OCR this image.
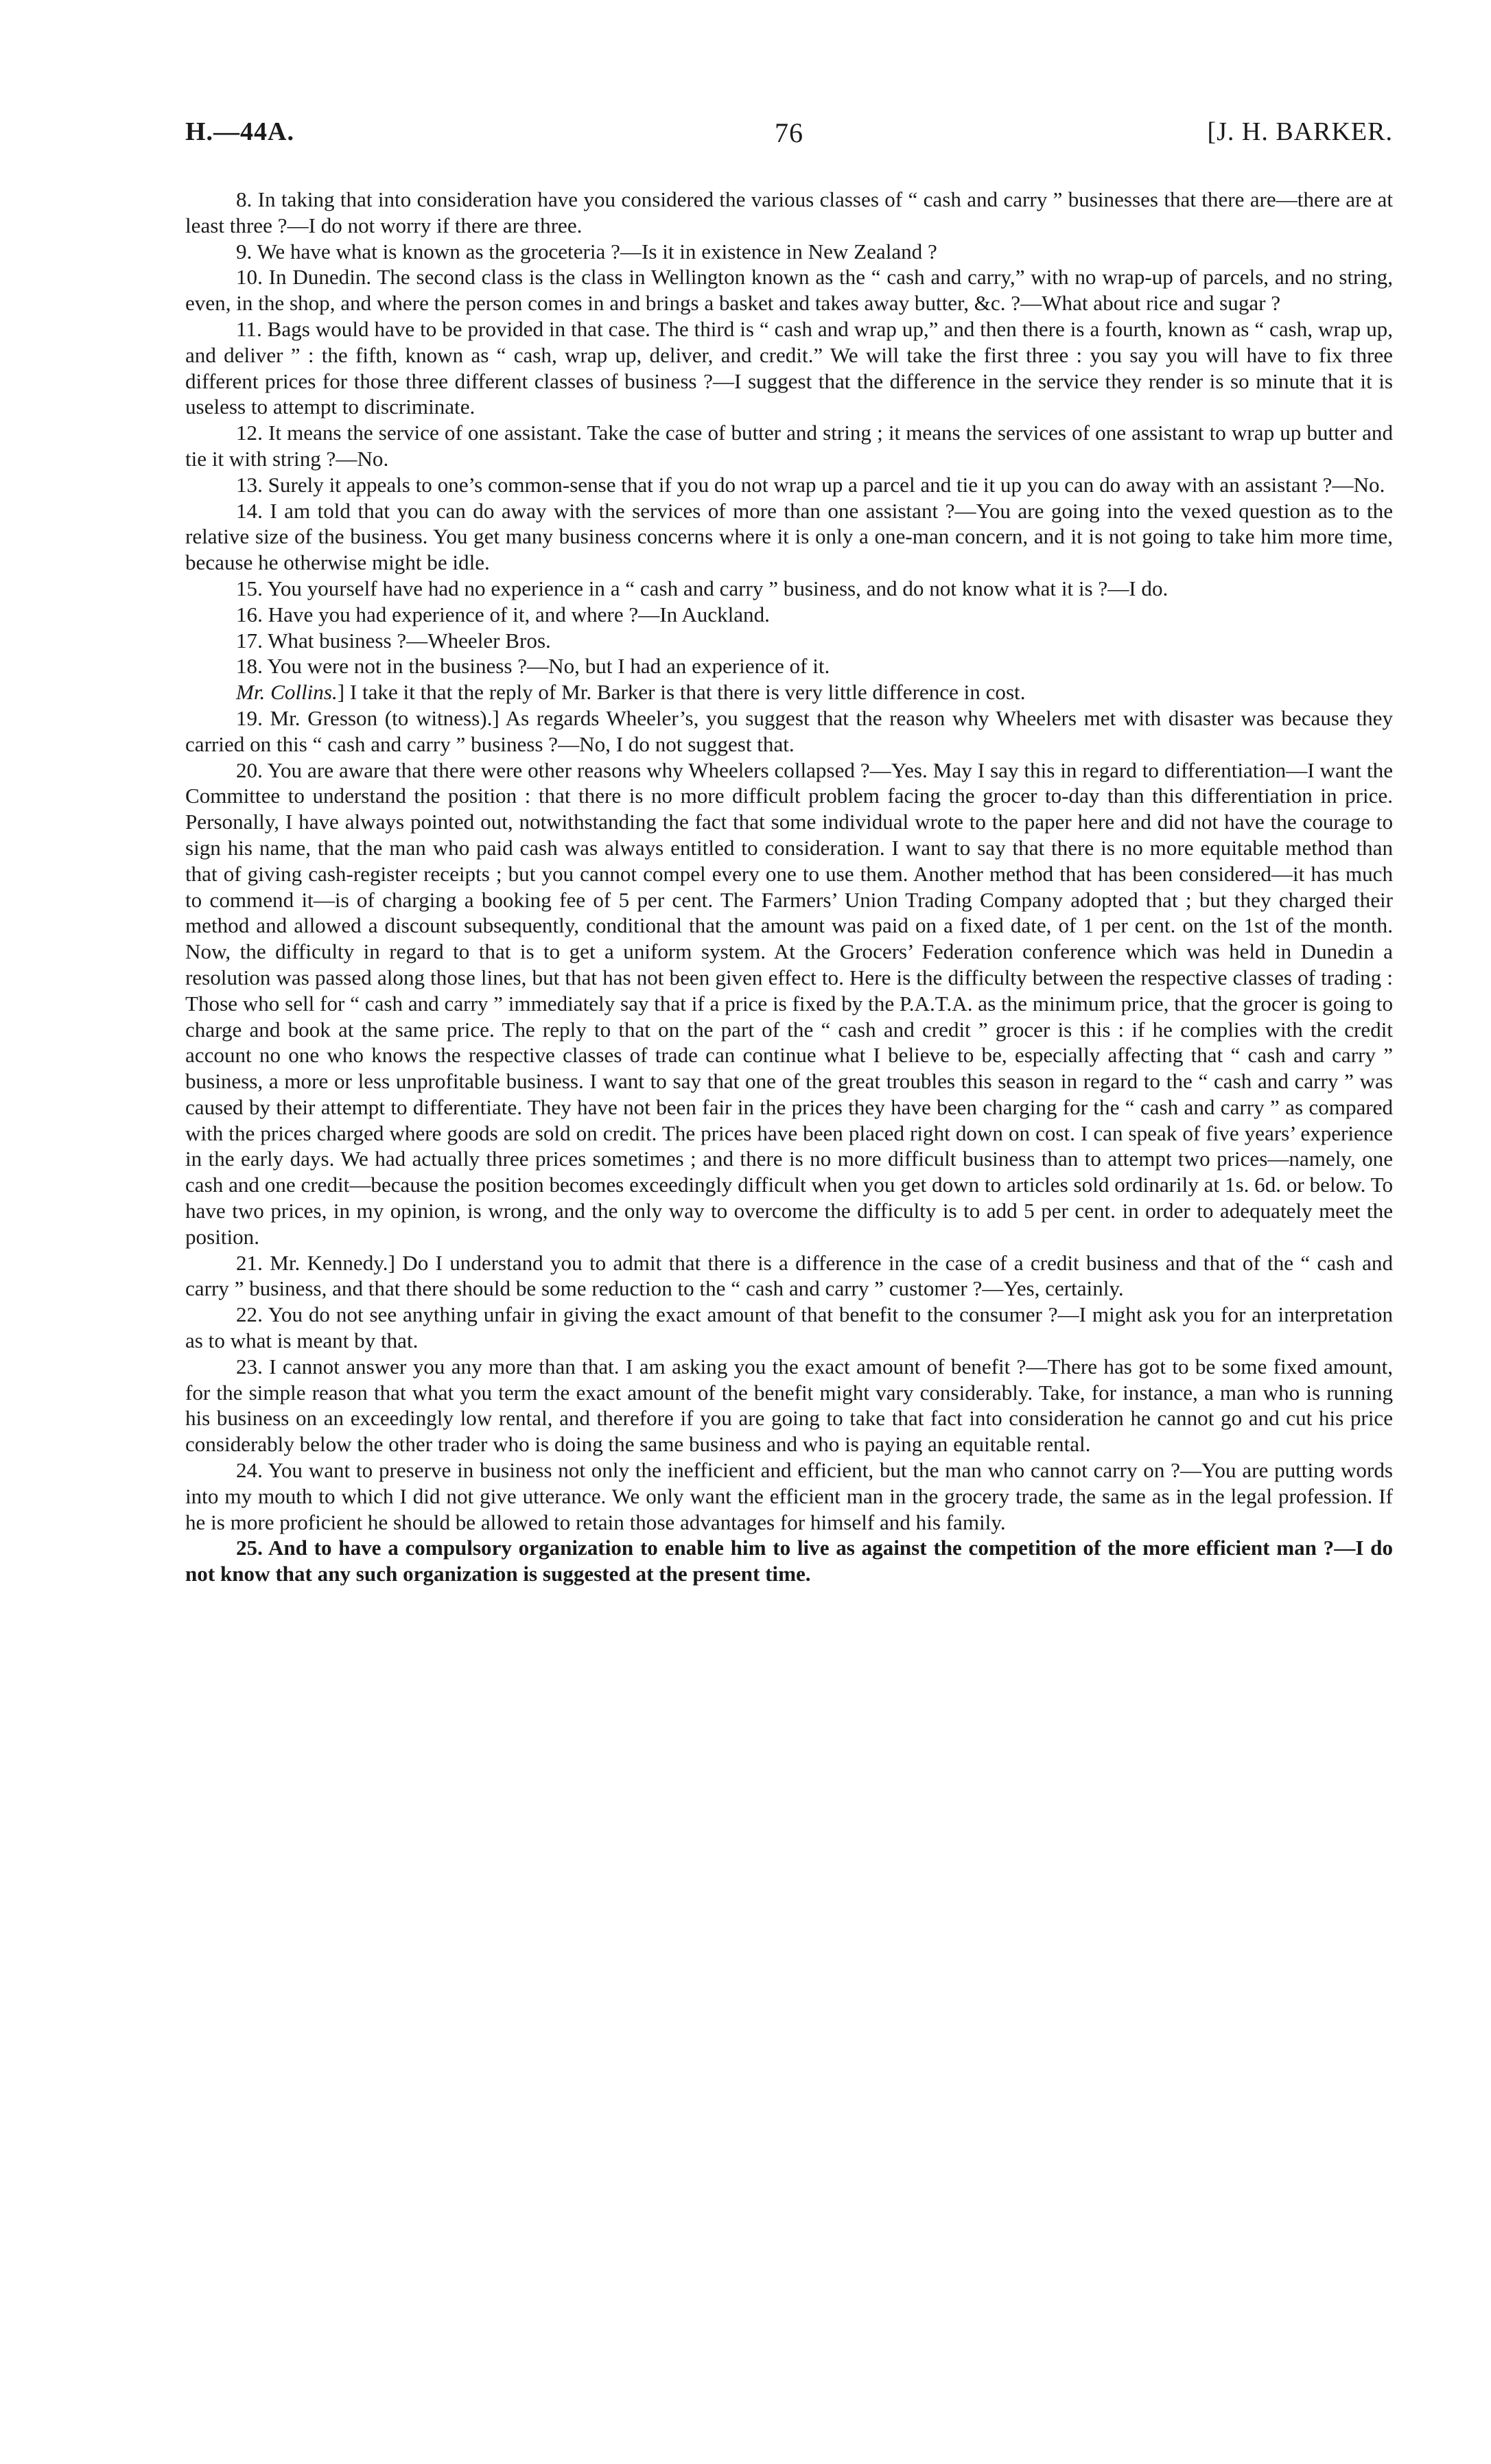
H.—44A.	76	[J. H. BARKER.

8. In taking that into consideration have you considered the various classes of “ cash and carry ” businesses that there are—there are at least three ?—I do not worry if there are three.

9. We have what is known as the groceteria ?—Is it in existence in New Zealand ?

10. In Dunedin. The second class is the class in Wellington known as the “ cash and carry,” with no wrap-up of parcels, and no string, even, in the shop, and where the person comes in and brings a basket and takes away butter, &c. ?—What about rice and sugar ?

11. Bags would have to be provided in that case. The third is “ cash and wrap up,” and then there is a fourth, known as “ cash, wrap up, and deliver ” : the fifth, known as “ cash, wrap up, deliver, and credit.” We will take the first three : you say you will have to fix three different prices for those three different classes of business ?—I suggest that the difference in the service they render is so minute that it is useless to attempt to discriminate.

12. It means the service of one assistant. Take the case of butter and string ; it means the services of one assistant to wrap up butter and tie it with string ?—No.

13. Surely it appeals to one’s common-sense that if you do not wrap up a parcel and tie it up you can do away with an assistant ?—No.

14. I am told that you can do away with the services of more than one assistant ?—You are going into the vexed question as to the relative size of the business. You get many business concerns where it is only a one-man concern, and it is not going to take him more time, because he otherwise might be idle.

15. You yourself have had no experience in a “ cash and carry ” business, and do not know what it is ?—I do.

16. Have you had experience of it, and where ?—In Auckland.

17. What business ?—Wheeler Bros.

18. You were not in the business ?—No, but I had an experience of it.

Mr. Collins.] I take it that the reply of Mr. Barker is that there is very little difference in cost.

19. Mr. Gresson (to witness).] As regards Wheeler’s, you suggest that the reason why Wheelers met with disaster was because they carried on this “ cash and carry ” business ?—No, I do not suggest that.

20. You are aware that there were other reasons why Wheelers collapsed ?—Yes. May I say this in regard to differentiation—I want the Committee to understand the position : that there is no more difficult problem facing the grocer to-day than this differentiation in price. Personally, I have always pointed out, notwithstanding the fact that some individual wrote to the paper here and did not have the courage to sign his name, that the man who paid cash was always entitled to consideration. I want to say that there is no more equitable method than that of giving cash-register receipts ; but you cannot compel every one to use them. Another method that has been considered—it has much to commend it—is of charging a booking fee of 5 per cent. The Farmers’ Union Trading Company adopted that ; but they charged their method and allowed a discount subsequently, conditional that the amount was paid on a fixed date, of 1 per cent. on the 1st of the month. Now, the difficulty in regard to that is to get a uniform system. At the Grocers’ Federation conference which was held in Dunedin a resolution was passed along those lines, but that has not been given effect to. Here is the difficulty between the respective classes of trading : Those who sell for “ cash and carry ” immediately say that if a price is fixed by the P.A.T.A. as the minimum price, that the grocer is going to charge and book at the same price. The reply to that on the part of the “ cash and credit ” grocer is this : if he complies with the credit account no one who knows the respective classes of trade can continue what I believe to be, especially affecting that “ cash and carry ” business, a more or less unprofitable business. I want to say that one of the great troubles this season in regard to the “ cash and carry ” was caused by their attempt to differentiate. They have not been fair in the prices they have been charging for the “ cash and carry ” as compared with the prices charged where goods are sold on credit. The prices have been placed right down on cost. I can speak of five years’ experience in the early days. We had actually three prices sometimes ; and there is no more difficult business than to attempt two prices—namely, one cash and one credit—because the position becomes exceedingly difficult when you get down to articles sold ordinarily at 1s. 6d. or below. To have two prices, in my opinion, is wrong, and the only way to overcome the difficulty is to add 5 per cent. in order to adequately meet the position.

21. Mr. Kennedy.] Do I understand you to admit that there is a difference in the case of a credit business and that of the “ cash and carry ” business, and that there should be some reduction to the “ cash and carry ” customer ?—Yes, certainly.

22. You do not see anything unfair in giving the exact amount of that benefit to the consumer ?—I might ask you for an interpretation as to what is meant by that.

23. I cannot answer you any more than that. I am asking you the exact amount of benefit ?—There has got to be some fixed amount, for the simple reason that what you term the exact amount of the benefit might vary considerably. Take, for instance, a man who is running his business on an exceedingly low rental, and therefore if you are going to take that fact into consideration he cannot go and cut his price considerably below the other trader who is doing the same business and who is paying an equitable rental.

24. You want to preserve in business not only the inefficient and efficient, but the man who cannot carry on ?—You are putting words into my mouth to which I did not give utterance. We only want the efficient man in the grocery trade, the same as in the legal profession. If he is more proficient he should be allowed to retain those advantages for himself and his family.

25. And to have a compulsory organization to enable him to live as against the competition of the more efficient man ?—I do not know that any such organization is suggested at the present time.
